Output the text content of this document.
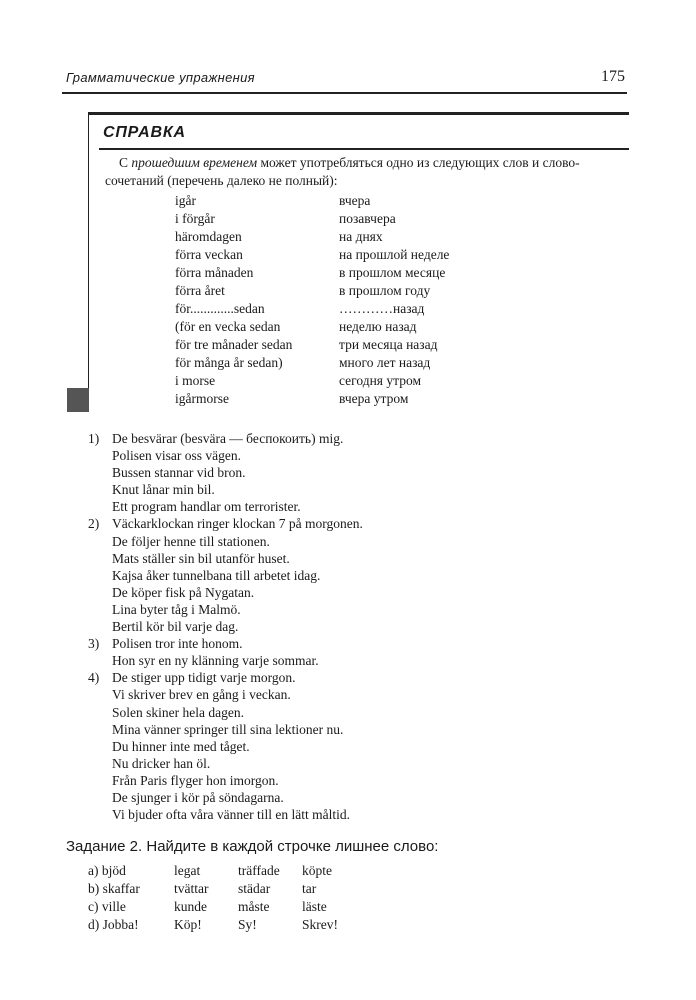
Грамматические упражнения	175
СПРАВКА
С прошедшим временем может употребляться одно из следующих слов и слово-сочетаний (перечень далеко не полный):
igår	вчера
i förgår	позавчера
häromdagen	на днях
förra veckan	на прошлой неделе
förra månaden	в прошлом месяце
förra året	в прошлом году
för.............sedan	…………назад
(för en vecka sedan	неделю назад
för tre månader sedan	три месяца назад
för många år sedan)	много лет назад
i morse	сегодня утром
igårmorse	вчера утром
1) De besvärar (besvära — беспокоить) mig.
Polisen visar oss vägen.
Bussen stannar vid bron.
Knut lånar min bil.
Ett program handlar om terrorister.
2) Väckarklockan ringer klockan 7 på morgonen.
De följer henne till stationen.
Mats ställer sin bil utanför huset.
Kajsa åker tunnelbana till arbetet idag.
De köper fisk på Nygatan.
Lina byter tåg i Malmö.
Bertil kör bil varje dag.
3) Polisen tror inte honom.
Hon syr en ny klänning varje sommar.
4) De stiger upp tidigt varje morgon.
Vi skriver brev en gång i veckan.
Solen skiner hela dagen.
Mina vänner springer till sina lektioner nu.
Du hinner inte med tåget.
Nu dricker han öl.
Från Paris flyger hon imorgon.
De sjunger i kör på söndagarna.
Vi bjuder ofta våra vänner till en lätt måltid.
Задание 2. Найдите в каждой строчке лишнее слово:
a) bjöd	legat	träffade köpte
b) skaffar	tvättar städar tar
c) ville	kunde måste läste
d) Jobba!	Köp!	Sy!	Skrev!
